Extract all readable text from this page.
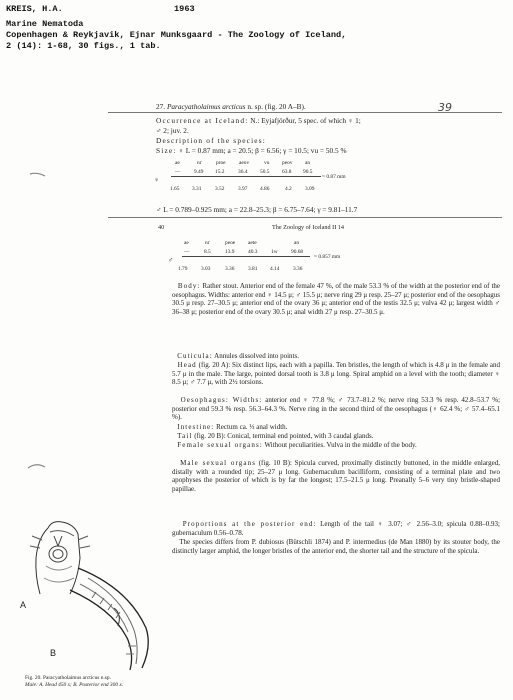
KREIS, H.A.	1963
Marine Nematoda
Copenhagen & Reykjavik, Ejnar Munksgaard - The Zoology of Iceland,
2 (14): 1-68, 30 figs., 1 tab.
39
27. Paracyatholaimus arcticus n. sp. (fig. 20 A–B).
Occurrence at Iceland: N.: Eyjafjörður, 5 spec. of which ♀ 1;
♂ 2; juv. 2.
Description of the species:
Size: ♀ L = 0.87 mm; a = 20.5; β = 6.56; γ = 10.5; vu = 50.5 %
ae	nr	proe aeov	vu peov an
—	9.49 15.2	36.4 50.5 63.8 90.5
♀	= 0.87 mm
1.65 3.31	3.52	3.97 4.86	4.2 3.09
♂ L = 0.789–0.925 mm; a = 22.8–25.3; β = 6.75–7.64; γ = 9.81–11.7
40	The Zoology of Iceland II 14
ae	nr	peoe aete	an
—	8.5	13.9	40.3	1w 90.68
♂	= 0.857 mm
1.79	3.03	3.36	3.81 4.14	3.36
Body: Rather stout. Anterior end of the female 47 %, of the male 53.3 % of the width at the posterior end of the oesophagus. Widths: anterior end ♀ 14.5 μ; ♂ 15.5 μ; nerve ring 29 μ resp. 25–27 μ; posterior end of the oesophagus 30.5 μ resp. 27–30.5 μ; anterior end of the ovary 36 μ; anterior end of the testis 32.5 μ; vulva 42 μ; largest width ♂ 36–38 μ; posterior end of the ovary 30.5 μ; anal width 27 μ resp. 27–30.5 μ.
Cuticula: Annules dissolved into points.
Head (fig. 20 A): Six distinct lips, each with a papilla. Ten bristles, the length of which is 4.8 μ in the female and 5.7 μ in the male. The large, pointed dorsal tooth is 3.8 μ long. Spiral amphid on a level with the tooth; diameter ♀ 8.5 μ; ♂ 7.7 μ, with 2½ torsions.
Oesophagus: Widths: anterior end ♀ 77.8 %; ♂ 73.7–81.2 %; nerve ring 53.3 % resp. 42.8–53.7 %; posterior end 59.3 % resp. 56.3–64.3 %. Nerve ring in the second third of the oesophagus (♀ 62.4 %; ♂ 57.4–65.1 %).
Intestine: Rectum ca. ⅓ anal width.
Tail (fig. 20 B): Conical, terminal end pointed, with 3 caudal glands.
Female sexual organs: Without peculiarities. Vulva in the middle of the body.
Male sexual organs (fig. 10 B): Spicula curved, proximally distinctly buttoned, in the middle enlarged, distally with a rounded tip; 25–27 μ long. Gubernaculum bacilliform, consisting of a terminal plate and two apophyses the posterior of which is by far the longest; 17.5–21.5 μ long. Preanally 5–6 very tiny bristle-shaped papillae.
Proportions at the posterior end: Length of the tail ♀ 3.07; ♂ 2.56–3.0; spicula 0.88–0.93; gubernaculum 0.56–0.78.
The species differs from P. dubiosus (Bütschli 1874) and P. intermedius (de Man 1880) by its stouter body, the distinctly larger amphid, the longer bristles of the anterior end, the shorter tail and the structure of the spicula.
A
B
Fig. 20. Paracyatholaimus arcticus n.sp.
Male: A. Head 450 x; B. Posterior end 300 x.
